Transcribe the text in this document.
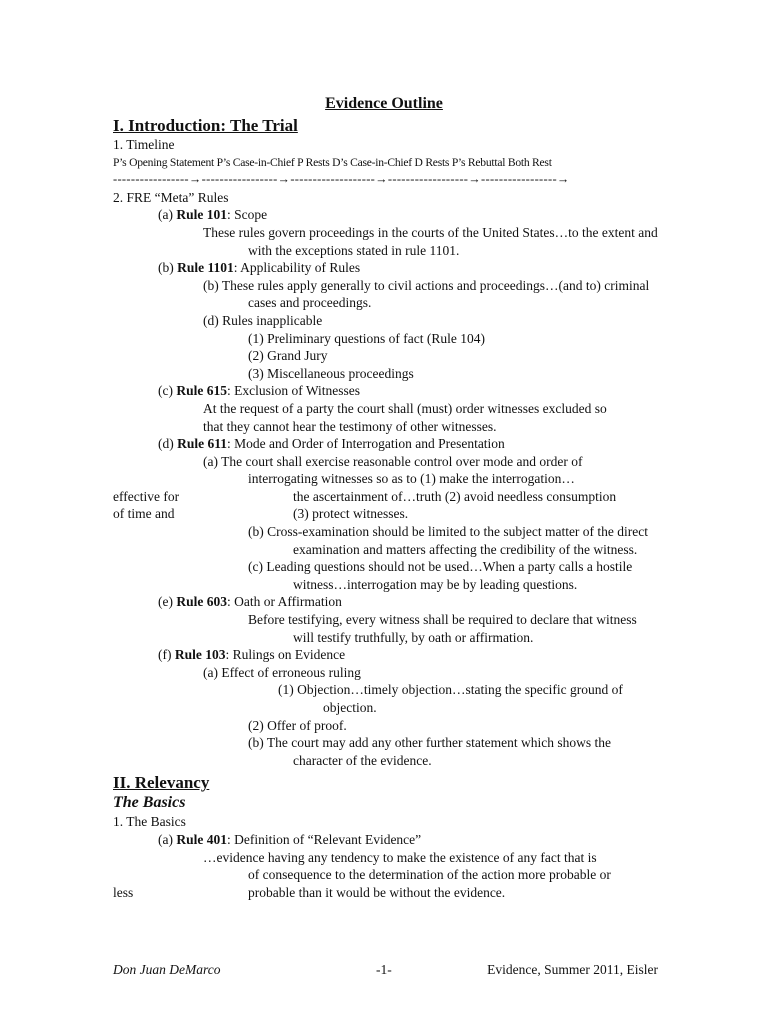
Evidence Outline
I. Introduction: The Trial
1. Timeline
P’s Opening Statement P’s Case-in-Chief P Rests D’s Case-in-Chief D Rests P’s Rebuttal Both Rest
-----------------→-----------------→-------------------→------------------→-----------------→
2. FRE “Meta” Rules
(a) Rule 101: Scope
These rules govern proceedings in the courts of the United States…to the extent and with the exceptions stated in rule 1101.
(b) Rule 1101: Applicability of Rules
(b) These rules apply generally to civil actions and proceedings…(and to) criminal cases and proceedings.
(d) Rules inapplicable
(1) Preliminary questions of fact (Rule 104)
(2) Grand Jury
(3) Miscellaneous proceedings
(c) Rule 615: Exclusion of Witnesses
At the request of a party the court shall (must) order witnesses excluded so
that they cannot hear the testimony of other witnesses.
(d) Rule 611: Mode and Order of Interrogation and Presentation
(a) The court shall exercise reasonable control over mode and order of
interrogating witnesses so as to (1) make the interrogation…
effective for	the ascertainment of…truth (2) avoid needless consumption
of time and	(3) protect witnesses.
(b) Cross-examination should be limited to the subject matter of the direct examination and matters affecting the credibility of the witness.
(c) Leading questions should not be used…When a party calls a hostile witness…interrogation may be by leading questions.
(e) Rule 603: Oath or Affirmation
Before testifying, every witness shall be required to declare that witness will testify truthfully, by oath or affirmation.
(f) Rule 103: Rulings on Evidence
(a) Effect of erroneous ruling
(1) Objection…timely objection…stating the specific ground of objection.
(2) Offer of proof.
(b) The court may add any other further statement which shows the character of the evidence.
II. Relevancy
The Basics
1. The Basics
(a) Rule 401: Definition of “Relevant Evidence”
…evidence having any tendency to make the existence of any fact that is
of consequence to the determination of the action more probable or
less	probable than it would be without the evidence.
Don Juan DeMarco	-1-	Evidence, Summer 2011, Eisler
